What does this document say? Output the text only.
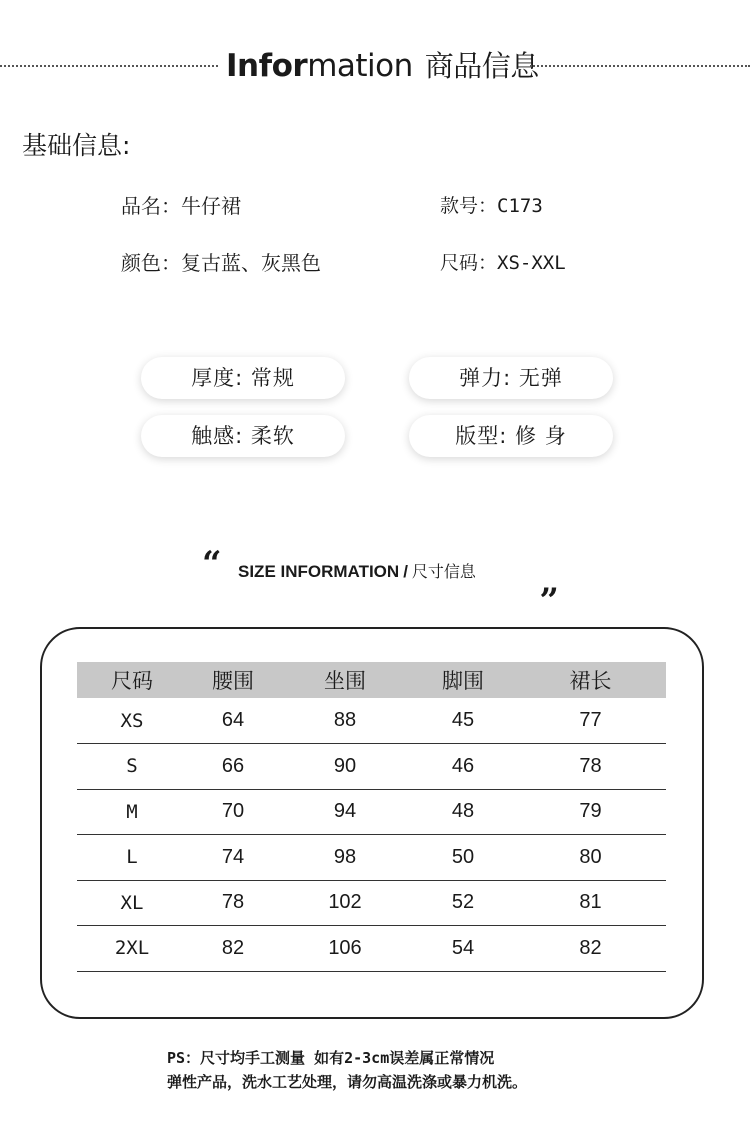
Information 商品信息
基础信息:
品名：牛仔裙	款号：C173
颜色：复古蓝、灰黑色	尺码：XS-XXL
厚度: 常规	弹力: 无弹
触感: 柔软	版型: 修 身
“ SIZE INFORMATION / 尺寸信息 „
尺码	腰围	坐围	脚围	裙长
XS	64	88	45	77
S	66	90	46	78
M	70	94	48	79
L	74	98	50	80
XL	78	102	52	81
2XL	82	106	54	82
PS：尺寸均手工测量 如有2-3cm误差属正常情况
弹性产品，洗水工艺处理，请勿高温洗涤或暴力机洗。
